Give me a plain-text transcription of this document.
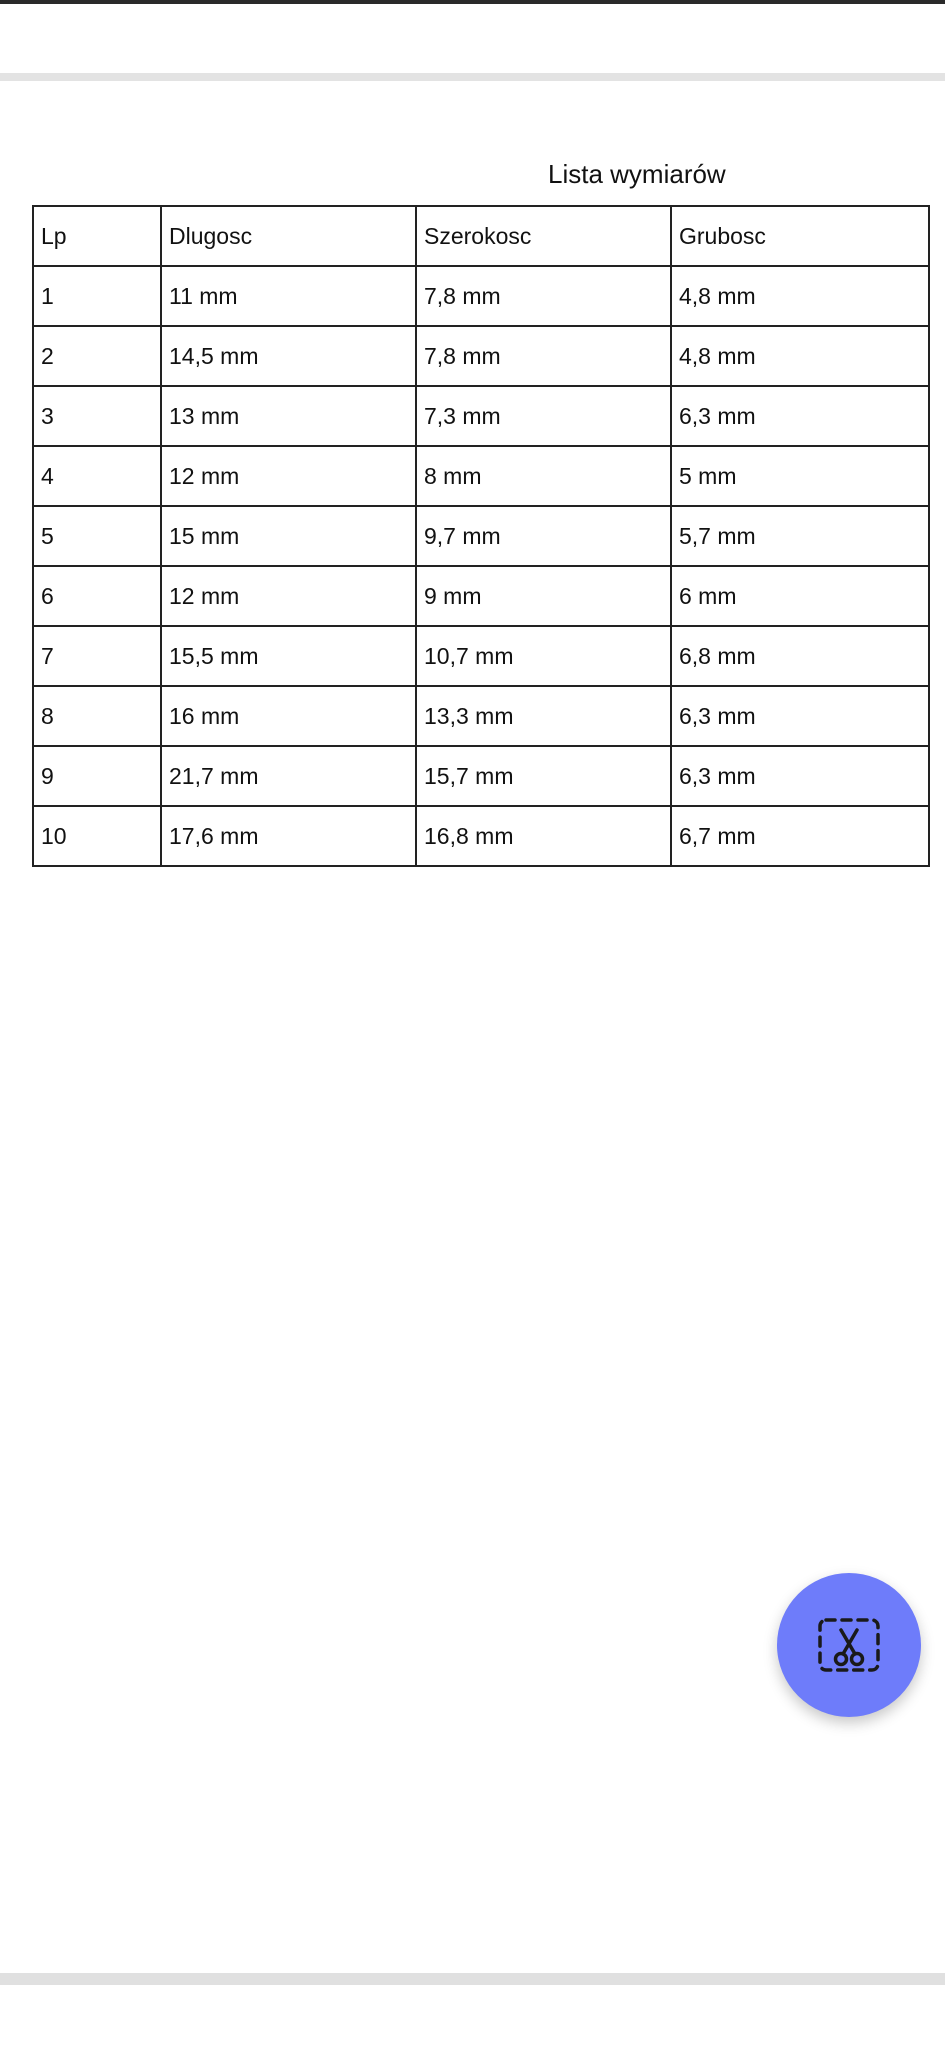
Lista wymiarów
Lp	Dlugosc	Szerokosc	Grubosc
1	11 mm	7,8 mm	4,8 mm
2	14,5 mm	7,8 mm	4,8 mm
3	13 mm	7,3 mm	6,3 mm
4	12 mm	8 mm	5 mm
5	15 mm	9,7 mm	5,7 mm
6	12 mm	9 mm	6 mm
7	15,5 mm	10,7 mm	6,8 mm
8	16 mm	13,3 mm	6,3 mm
9	21,7 mm	15,7 mm	6,3 mm
10	17,6 mm	16,8 mm	6,7 mm
